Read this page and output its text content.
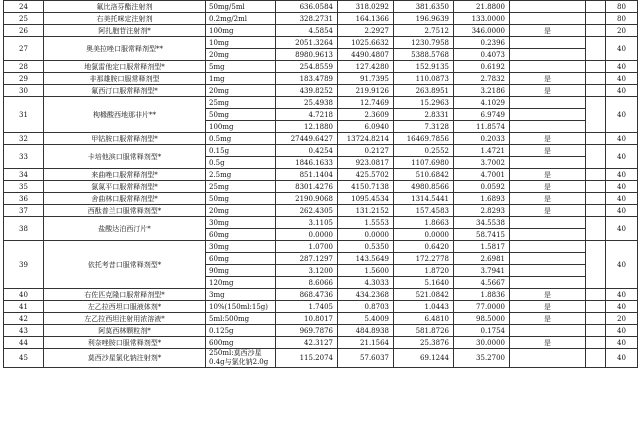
24	氟比洛芬酯注射剂	50mg/5ml	636.0584	318.0292	381.6350	21.8800			80	
25	右美托咪定注射剂	0.2mg/2ml	328.2731	164.1366	196.9639	133.0000			80	
26	阿扎胞苷注射剂*	100mg	4.5854	2.2927	2.7512	346.0000	是		20	
27	奥美拉唑口服常释剂型**	10mg	2051.3264	1025.6632	1230.7958	0.2396			40	
		20mg	8980.9613	4490.4807	5388.5768	0.4073				
28	地氯雷他定口服常释剂型*	5mg	254.8559	127.4280	152.9135	0.6192			40	
29	非那雄胺口服常释剂型	1mg	183.4789	91.7395	110.0873	2.7832	是		40	
30	氟西汀口服常释剂型*	20mg	439.8252	219.9126	263.8951	3.2186	是		40	
31	枸橼酸西地那非片**	25mg	25.4938	12.7469	15.2963	4.1029			40	
		50mg	4.7218	2.3609	2.8331	6.9749				
		100mg	12.1880	6.0940	7.3128	11.8574				
32	甲钴胺口服常释剂型*	0.5mg	27449.6427	13724.8214	16469.7856	0.2033	是		40	
33	卡培他滨口服常释剂型*	0.15g	0.4254	0.2127	0.2552	1.4721	是		40	
		0.5g	1846.1633	923.0817	1107.6980	3.7002				
34	来曲唑口服常释剂型*	2.5mg	851.1404	425.5702	510.6842	4.7001	是		40	
35	氯氮平口服常释剂型*	25mg	8301.4276	4150.7138	4980.8566	0.0592	是		40	
36	舍曲林口服常释剂型*	50mg	2190.9068	1095.4534	1314.5441	1.6893	是		40	
37	西酞普兰口服常释剂型*	20mg	262.4305	131.2152	157.4583	2.8293	是		40	
38	盐酸达泊西汀片*	30mg	3.1105	1.5553	1.8663	34.5538			40	
		60mg	0.0000	0.0000	0.0000	58.7415				
39	依托考昔口服常释剂型*	30mg	1.0700	0.5350	0.6420	1.5817			40	
		60mg	287.1297	143.5649	172.2778	2.6981				
		90mg	3.1200	1.5600	1.8720	3.7941				
		120mg	8.6066	4.3033	5.1640	4.5667				
40	右佐匹克隆口服常释剂型*	3mg	868.4736	434.2368	521.0842	1.8836	是		40	
41	左乙拉西坦口服液体剂*	10%(150ml:15g)	1.7405	0.8703	1.0443	77.0000	是		40	
42	左乙拉西坦注射用浓溶液*	5ml:500mg	10.8017	5.4009	6.4810	98.5000	是		20	
43	阿莫西林颗粒剂*	0.125g	969.7876	484.8938	581.8726	0.1754			40	
44	利奈唑胺口服常释剂型*	600mg	42.3127	21.1564	25.3876	30.0000	是		40	
45	莫西沙星氯化钠注射剂*	250ml:莫西沙星0.4g与氯化钠2.0g	115.2074	57.6037	69.1244	35.2700			40	
